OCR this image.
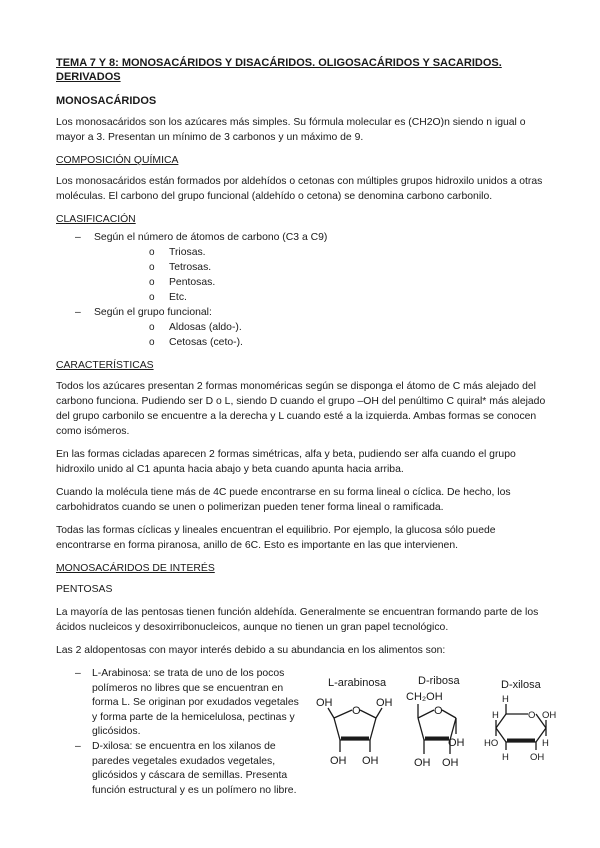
TEMA 7 Y 8: MONOSACÁRIDOS Y DISACÁRIDOS. OLIGOSACÁRIDOS Y SACARIDOS. DERIVADOS

MONOSACÁRIDOS

Los monosacáridos son los azúcares más simples. Su fórmula molecular es (CH2O)n siendo n igual o mayor a 3. Presentan un mínimo de 3 carbonos y un máximo de 9.

COMPOSICIÓN QUÍMICA

Los monosacáridos están formados por aldehídos o cetonas con múltiples grupos hidroxilo unidos a otras moléculas. El carbono del grupo funcional (aldehído o cetona) se denomina carbono carbonilo.

CLASIFICACIÓN

– Según el número de átomos de carbono (C3 a C9)
o Triosas.
o Tetrosas.
o Pentosas.
o Etc.
– Según el grupo funcional:
o Aldosas (aldo-).
o Cetosas (ceto-).

CARACTERÍSTICAS

Todos los azúcares presentan 2 formas monoméricas según se disponga el átomo de C más alejado del carbono funciona. Pudiendo ser D o L, siendo D cuando el grupo –OH del penúltimo C quiral* más alejado del grupo carbonilo se encuentre a la derecha y L cuando esté a la izquierda. Ambas formas se conocen como isómeros.

En las formas cicladas aparecen 2 formas simétricas, alfa y beta, pudiendo ser alfa cuando el grupo hidroxilo unido al C1 apunta hacia abajo y beta cuando apunta hacia arriba.

Cuando la molécula tiene más de 4C puede encontrarse en su forma lineal o cíclica. De hecho, los carbohidratos cuando se unen o polimerizan pueden tener forma lineal o ramificada.

Todas las formas cíclicas y lineales encuentran el equilibrio. Por ejemplo, la glucosa sólo puede encontrarse en forma piranosa, anillo de 6C. Esto es importante en las que intervienen.

MONOSACÁRIDOS DE INTERÉS

PENTOSAS

La mayoría de las pentosas tienen función aldehída. Generalmente se encuentran formando parte de los ácidos nucleicos y desoxirribonucleicos, aunque no tienen un gran papel tecnológico.

Las 2 aldopentosas con mayor interés debido a su abundancia en los alimentos son:

– L-Arabinosa: se trata de uno de los pocos polímeros no libres que se encuentran en forma L. Se originan por exudados vegetales y forma parte de la hemicelulosa, pectinas y glicósidos.
– D-xilosa: se encuentra en los xilanos de paredes vegetales exudados vegetales, glicósidos y cáscara de semillas. Presenta función estructural y es un polímero no libre.
L-arabinosa	D-ribosa	D-xilosa
O
OH	OH
OH OH
CH₂OH
O
OH
OH OH
H
O
H	OH
HO	H
H OH
